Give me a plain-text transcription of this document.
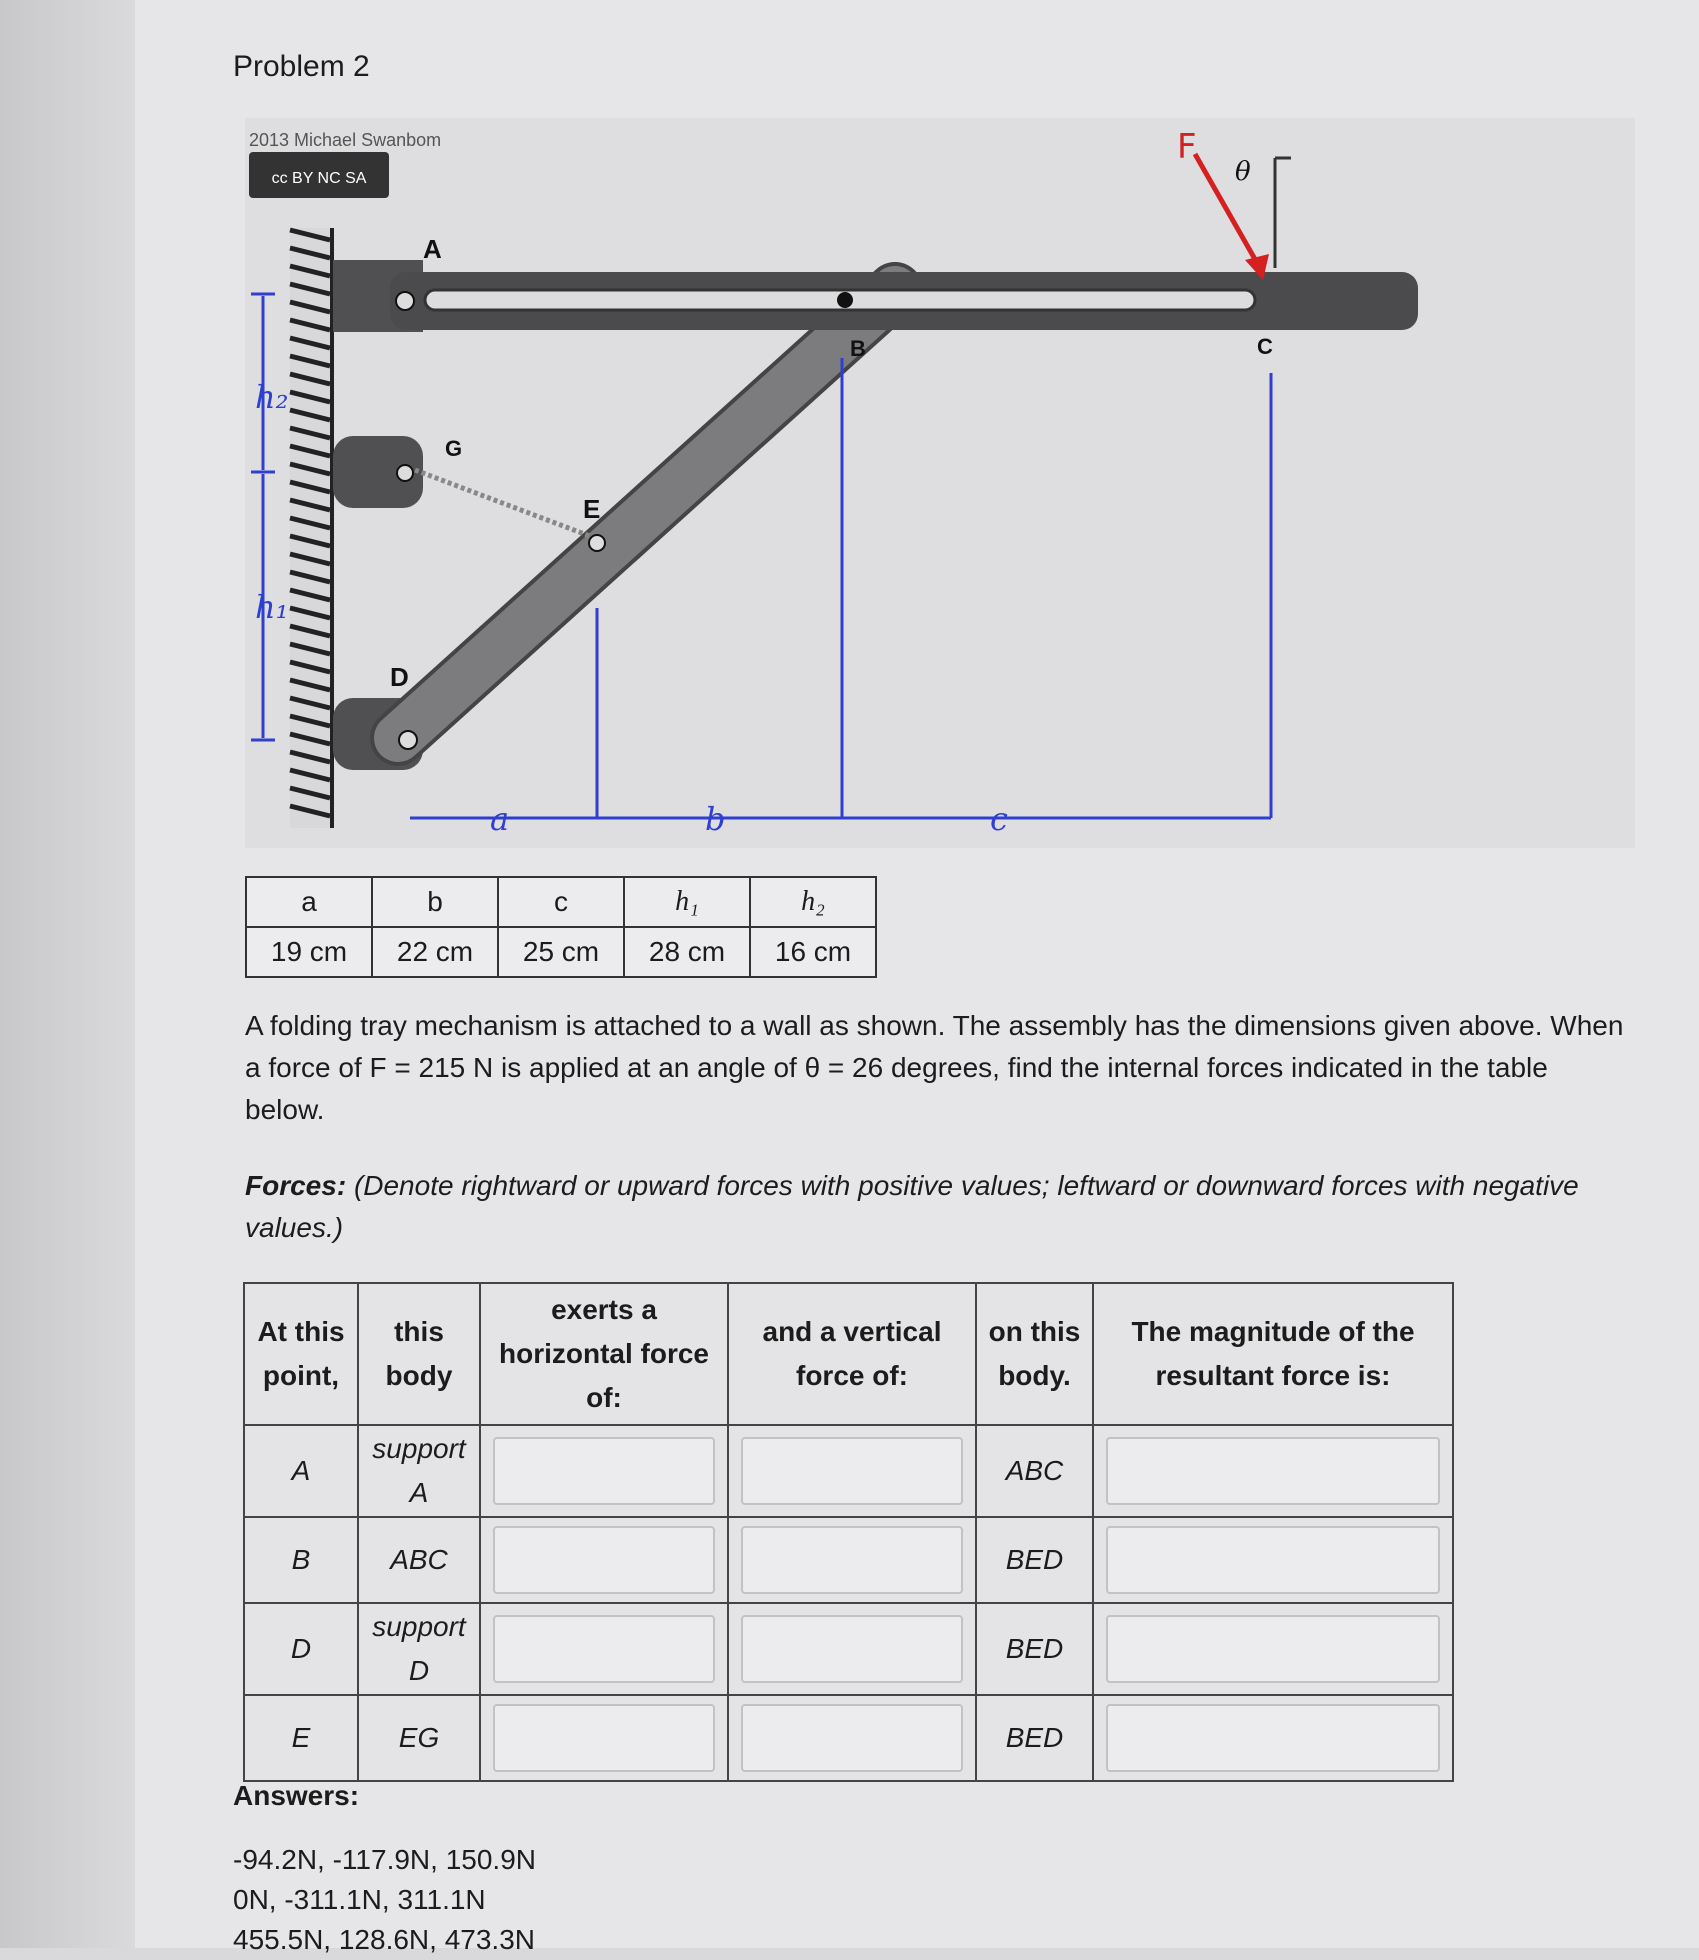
Problem 2
2013 Michael Swanbom
cc BY NC SA
h₂
h₁
a	b	c
A
B	C
D
E
G
F
θ
a	b	c	h₁	h₂
19 cm	22 cm	25 cm	28 cm	16 cm
A folding tray mechanism is attached to a wall as shown. The assembly has the dimensions given above. When a force of F = 215 N is applied at an angle of θ = 26 degrees, find the internal forces indicated in the table below.
Forces: (Denote rightward or upward forces with positive values; leftward or downward forces with negative values.)
At this point,	this body	exerts a horizontal force of:	and a vertical force of:	on this body.	The magnitude of the resultant force is:
A	support A			ABC	
B	ABC			BED	
D	support D			BED	
E	EG			BED	
Answers:
-94.2N, -117.9N, 150.9N
0N, -311.1N, 311.1N
455.5N, 128.6N, 473.3N
